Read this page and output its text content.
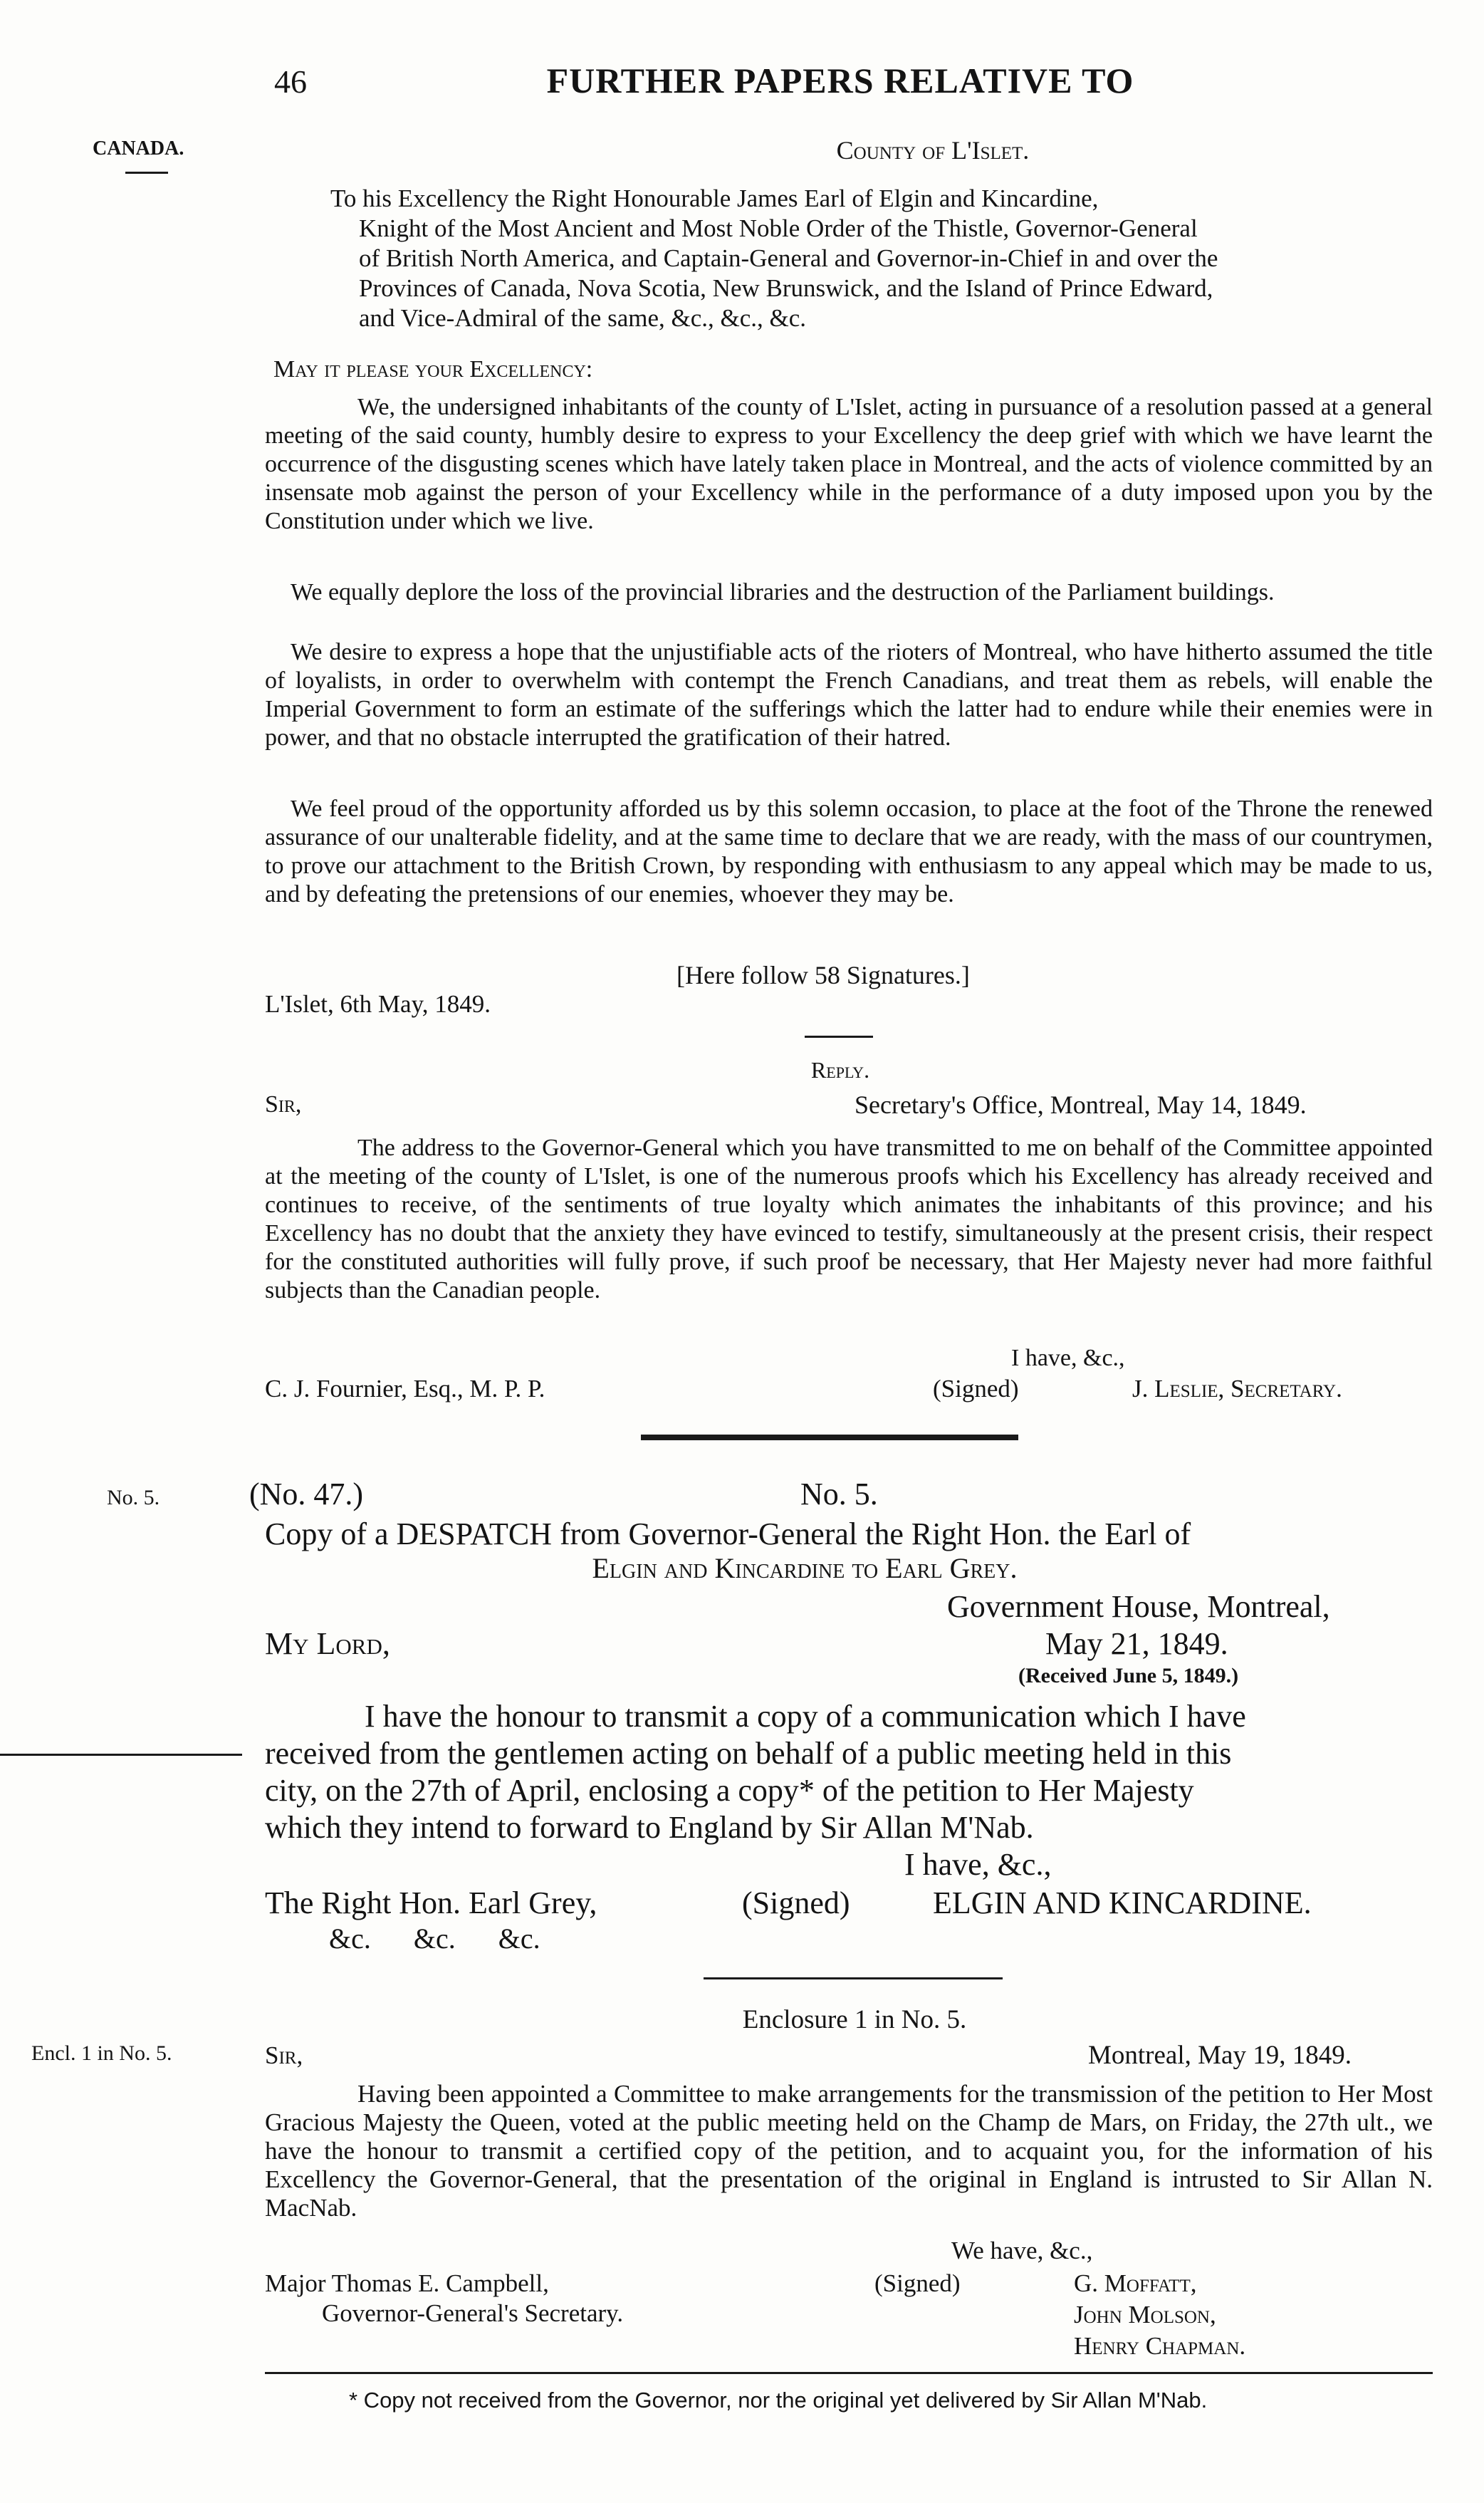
46	FURTHER PAPERS RELATIVE TO
CANADA.
No. 5.
Encl. 1 in No. 5.
County of L'Islet.
To his Excellency the Right Honourable James Earl of Elgin and Kincardine,
Knight of the Most Ancient and Most Noble Order of the Thistle, Governor-General
of British North America, and Captain-General and Governor-in-Chief in and over the
Provinces of Canada, Nova Scotia, New Brunswick, and the Island of Prince Edward,
and Vice-Admiral of the same, &c., &c., &c.
May it please your Excellency:
We, the undersigned inhabitants of the county of L'Islet, acting in pursuance of a resolution passed at a general meeting of the said county, humbly desire to express to your Excellency the deep grief with which we have learnt the occurrence of the disgusting scenes which have lately taken place in Montreal, and the acts of violence committed by an insensate mob against the person of your Excellency while in the performance of a duty imposed upon you by the Constitution under which we live.
We equally deplore the loss of the provincial libraries and the destruction of the Parliament buildings.
We desire to express a hope that the unjustifiable acts of the rioters of Montreal, who have hitherto assumed the title of loyalists, in order to overwhelm with contempt the French Canadians, and treat them as rebels, will enable the Imperial Government to form an estimate of the sufferings which the latter had to endure while their enemies were in power, and that no obstacle interrupted the gratification of their hatred.
We feel proud of the opportunity afforded us by this solemn occasion, to place at the foot of the Throne the renewed assurance of our unalterable fidelity, and at the same time to declare that we are ready, with the mass of our countrymen, to prove our attachment to the British Crown, by responding with enthusiasm to any appeal which may be made to us, and by defeating the pretensions of our enemies, whoever they may be.
[Here follow 58 Signatures.]
L'Islet, 6th May, 1849.
Reply.
Sir,	Secretary's Office, Montreal, May 14, 1849.
The address to the Governor-General which you have transmitted to me on behalf of the Committee appointed at the meeting of the county of L'Islet, is one of the numerous proofs which his Excellency has already received and continues to receive, of the sentiments of true loyalty which animates the inhabitants of this province; and his Excellency has no doubt that the anxiety they have evinced to testify, simultaneously at the present crisis, their respect for the constituted authorities will fully prove, if such proof be necessary, that Her Majesty never had more faithful subjects than the Canadian people.
I have, &c.,
C. J. Fournier, Esq., M. P. P.	(Signed)	J. Leslie, Secretary.
(No. 47.)	No. 5.
Copy of a DESPATCH from Governor-General the Right Hon. the Earl of
Elgin and Kincardine to Earl Grey.
Government House, Montreal,
My Lord,	May 21, 1849.
(Received June 5, 1849.)
I have the honour to transmit a copy of a communication which I have
received from the gentlemen acting on behalf of a public meeting held in this
city, on the 27th of April, enclosing a copy* of the petition to Her Majesty
which they intend to forward to England by Sir Allan M'Nab.
I have, &c.,
The Right Hon. Earl Grey,	(Signed)	ELGIN AND KINCARDINE.
&c.      &c.      &c.
Enclosure 1 in No. 5.
Sir,	Montreal, May 19, 1849.
Having been appointed a Committee to make arrangements for the transmission of the petition to Her Most Gracious Majesty the Queen, voted at the public meeting held on the Champ de Mars, on Friday, the 27th ult., we have the honour to transmit a certified copy of the petition, and to acquaint you, for the information of his Excellency the Governor-General, that the presentation of the original in England is intrusted to Sir Allan N. MacNab.
We have, &c.,
Major Thomas E. Campbell,
Governor-General's Secretary.
(Signed)	G. Moffatt,
John Molson,
Henry Chapman.
* Copy not received from the Governor, nor the original yet delivered by Sir Allan M'Nab.
